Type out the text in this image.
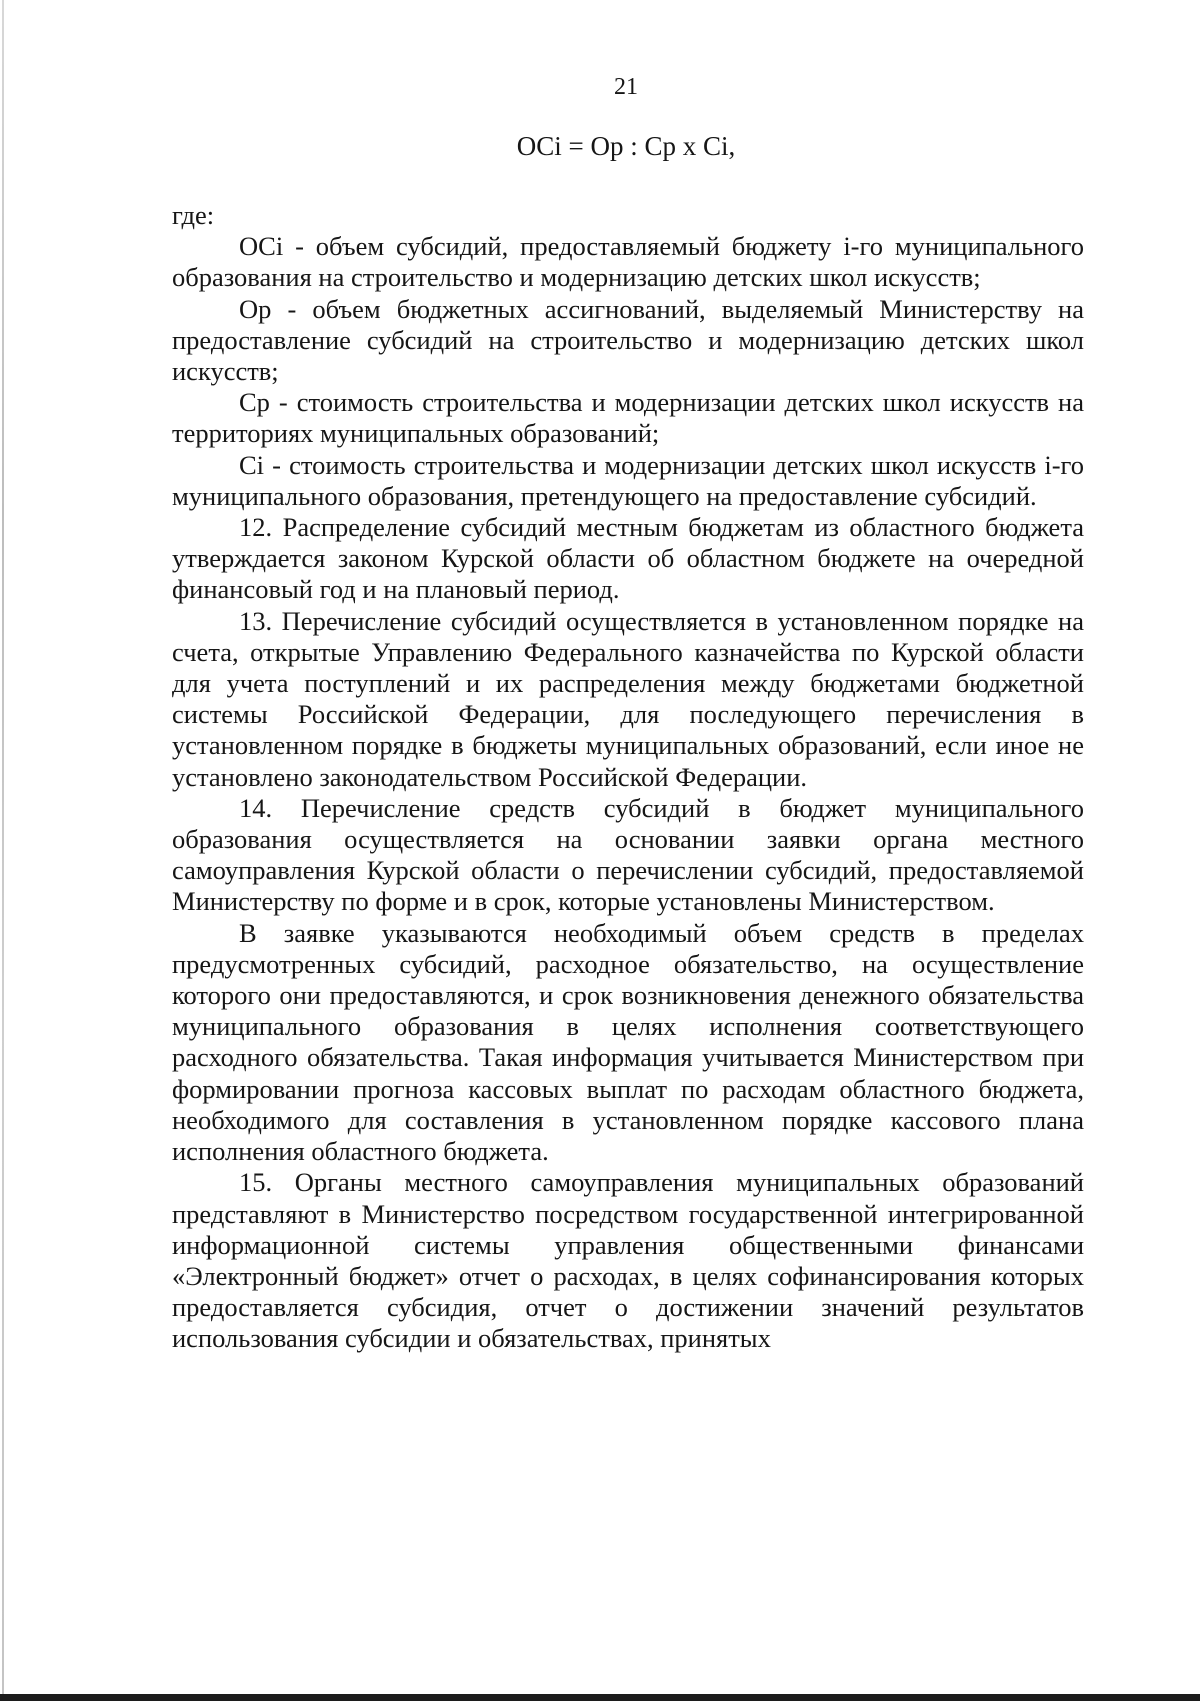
21
ОCi = Ор : Ср х Ci,

где:

ОCi - объем субсидий, предоставляемый бюджету i-го муниципального образования на строительство и модернизацию детских школ искусств;

Ор - объем бюджетных ассигнований, выделяемый Министерству на предоставление субсидий на строительство и модернизацию детских школ искусств;

Ср - стоимость строительства и модернизации детских школ искусств на территориях муниципальных образований;

Ci - стоимость строительства и модернизации детских школ искусств i-го муниципального образования, претендующего на предоставление субсидий.

12. Распределение субсидий местным бюджетам из областного бюджета утверждается законом Курской области об областном бюджете на очередной финансовый год и на плановый период.

13. Перечисление субсидий осуществляется в установленном порядке на счета, открытые Управлению Федерального казначейства по Курской области для учета поступлений и их распределения между бюджетами бюджетной системы Российской Федерации, для последующего перечисления в установленном порядке в бюджеты муниципальных образований, если иное не установлено законодательством Российской Федерации.

14. Перечисление средств субсидий в бюджет муниципального образования осуществляется на основании заявки органа местного самоуправления Курской области о перечислении субсидий, предоставляемой Министерству по форме и в срок, которые установлены Министерством.

В заявке указываются необходимый объем средств в пределах предусмотренных субсидий, расходное обязательство, на осуществление которого они предоставляются, и срок возникновения денежного обязательства муниципального образования в целях исполнения соответствующего расходного обязательства. Такая информация учитывается Министерством при формировании прогноза кассовых выплат по расходам областного бюджета, необходимого для составления в установленном порядке кассового плана исполнения областного бюджета.

15. Органы местного самоуправления муниципальных образований представляют в Министерство посредством государственной интегрированной информационной системы управления общественными финансами «Электронный бюджет» отчет о расходах, в целях софинансирования которых предоставляется субсидия, отчет о достижении значений результатов использования субсидии и обязательствах, принятых
